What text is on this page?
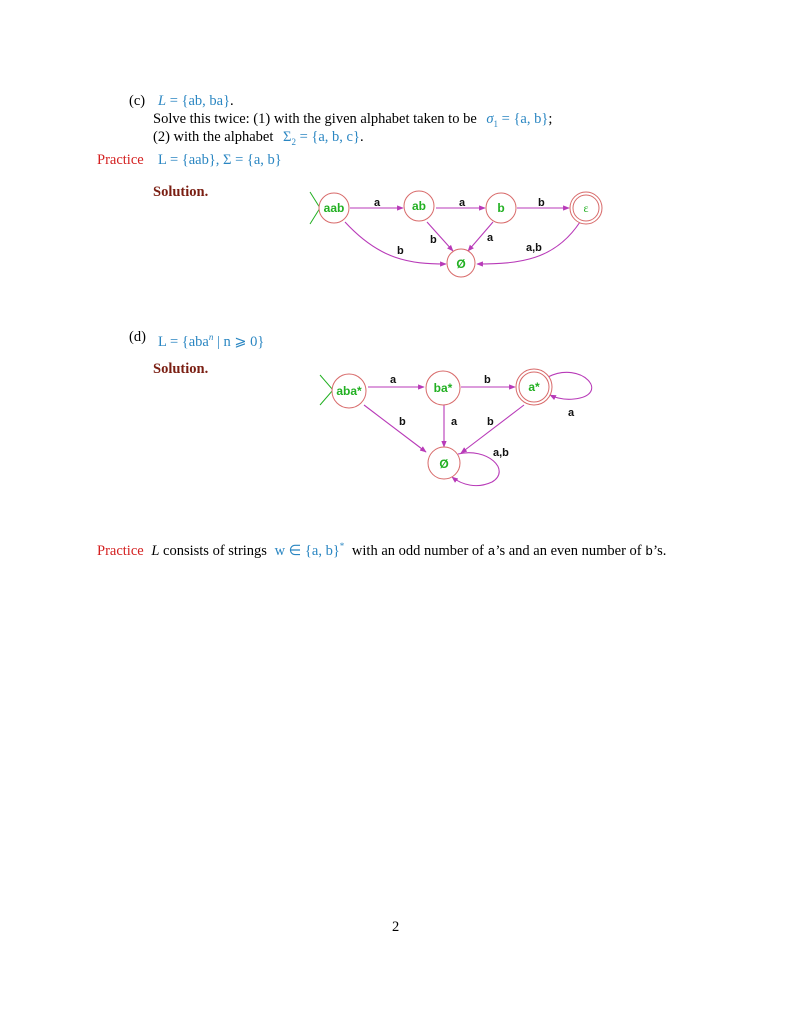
(c) L = {ab, ba}.
Solve this twice: (1) with the given alphabet taken to be $\sigma_1 = \{a$, b};
(2) with the alphabet $\Sigma_2 = \{a$, b, c}.
Practice L = {aab}, Σ = {a, b}
Solution.
a	a	b
b
b	a
a,b
aab	ab	b	ε
Ø
(d) L = {aba$^n$ | n ⩾ 0}
Solution.
a	b
a
b	a	b
a,b
aba*	ba*	a*
Ø
Practice L consists of strings w ∈ {a, b}* with an odd number of a’s and an even number of b’s.
2
